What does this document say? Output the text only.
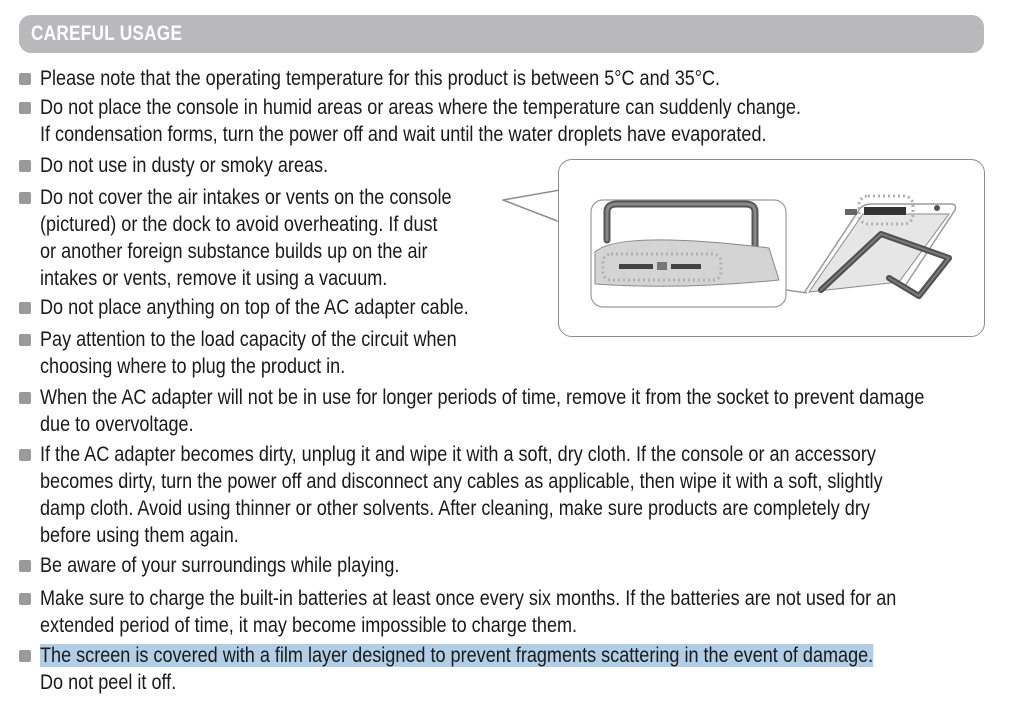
CAREFUL USAGE
Please note that the operating temperature for this product is between 5°C and 35°C.
Do not place the console in humid areas or areas where the temperature can suddenly change.
If condensation forms, turn the power off and wait until the water droplets have evaporated.
Do not use in dusty or smoky areas.
Do not cover the air intakes or vents on the console
(pictured) or the dock to avoid overheating. If dust
or another foreign substance builds up on the air
intakes or vents, remove it using a vacuum.
Do not place anything on top of the AC adapter cable.
Pay attention to the load capacity of the circuit when
choosing where to plug the product in.
When the AC adapter will not be in use for longer periods of time, remove it from the socket to prevent damage
due to overvoltage.
If the AC adapter becomes dirty, unplug it and wipe it with a soft, dry cloth. If the console or an accessory
becomes dirty, turn the power off and disconnect any cables as applicable, then wipe it with a soft, slightly
damp cloth. Avoid using thinner or other solvents. After cleaning, make sure products are completely dry
before using them again.
Be aware of your surroundings while playing.
Make sure to charge the built-in batteries at least once every six months. If the batteries are not used for an
extended period of time, it may become impossible to charge them.
The screen is covered with a film layer designed to prevent fragments scattering in the event of damage.
Do not peel it off.
